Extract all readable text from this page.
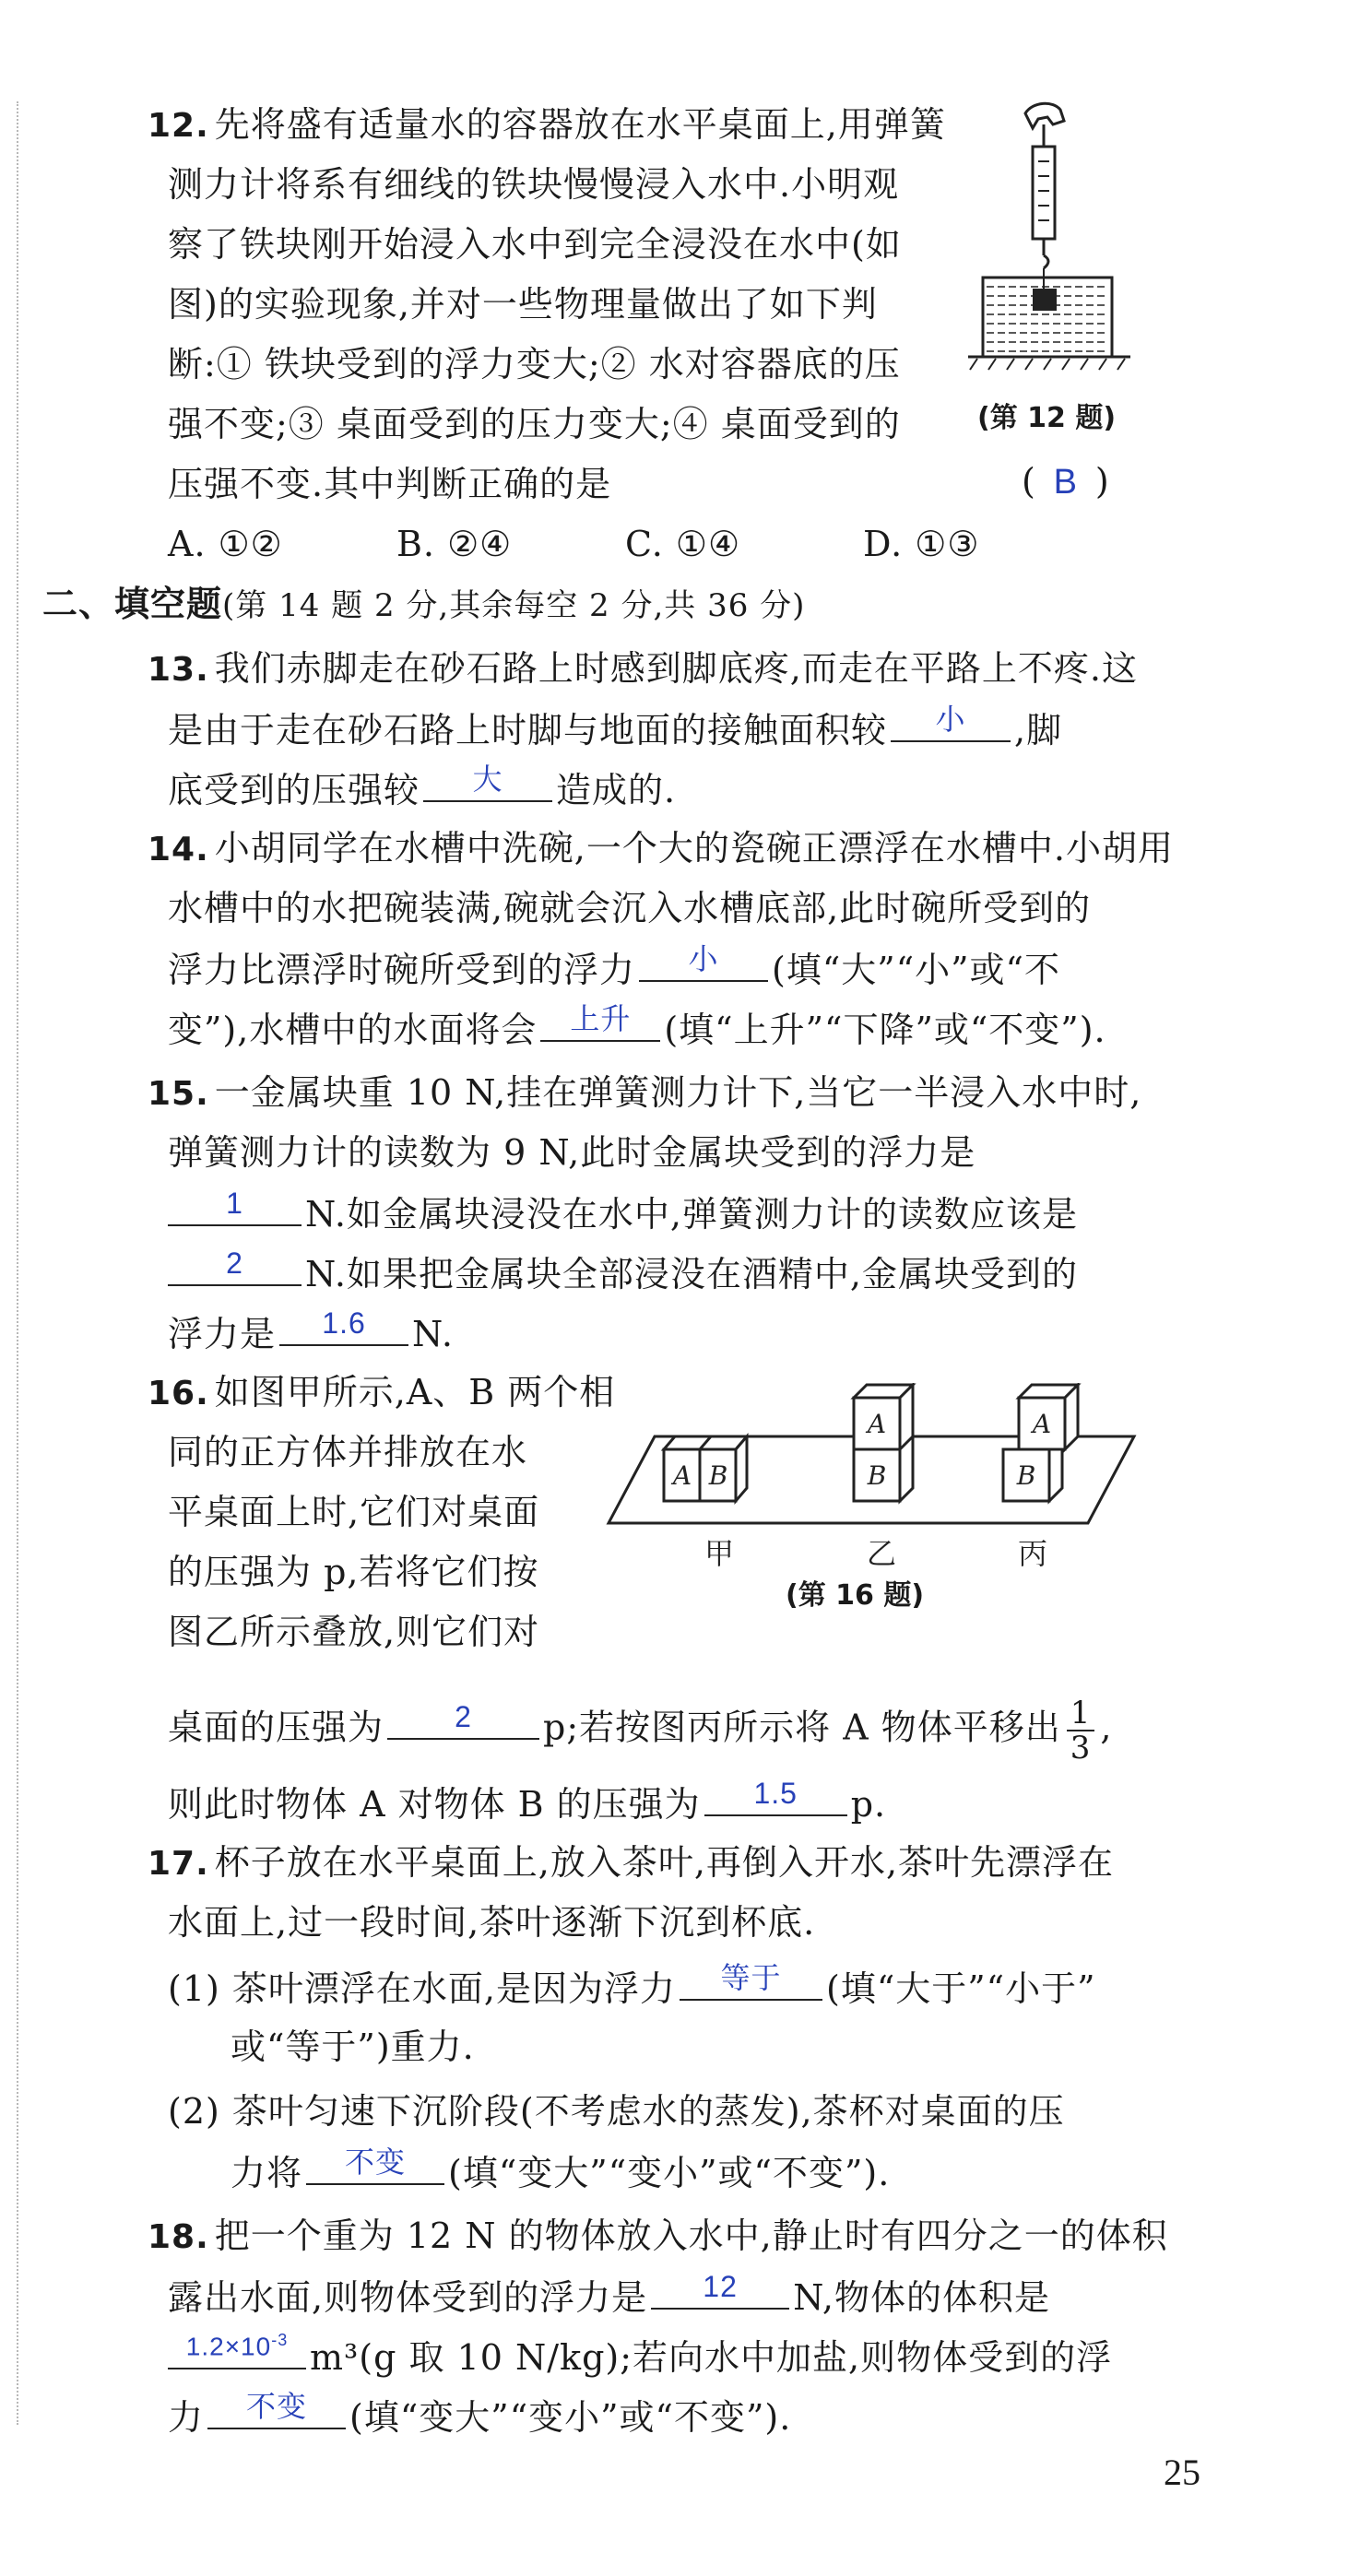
12. 先将盛有适量水的容器放在水平桌面上,用弹簧
测力计将系有细线的铁块慢慢浸入水中.小明观
察了铁块刚开始浸入水中到完全浸没在水中(如
图)的实验现象,并对一些物理量做出了如下判
断:① 铁块受到的浮力变大;② 水对容器底的压
强不变;③ 桌面受到的压力变大;④ 桌面受到的
压强不变.其中判断正确的是	( B )
A. ①②	B. ②④	C. ①④	D. ①③
(第 12 题)
二、填空题(第 14 题 2 分,其余每空 2 分,共 36 分)
13. 我们赤脚走在砂石路上时感到脚底疼,而走在平路上不疼.这
是由于走在砂石路上时脚与地面的接触面积较	小	,脚
底受到的压强较	大	造成的.
14. 小胡同学在水槽中洗碗,一个大的瓷碗正漂浮在水槽中.小胡用
水槽中的水把碗装满,碗就会沉入水槽底部,此时碗所受到的
浮力比漂浮时碗所受到的浮力	小	(填“大”“小”或“不
变”),水槽中的水面将会	上升 (填“上升”“下降”或“不变”).
15. 一金属块重 10 N,挂在弹簧测力计下,当它一半浸入水中时,
弹簧测力计的读数为 9 N,此时金属块受到的浮力是
1	N.如金属块浸没在水中,弹簧测力计的读数应该是
2	N.如果把金属块全部浸没在酒精中,金属块受到的
浮力是	1.6	N.
16. 如图甲所示,A、B 两个相
同的正方体并排放在水
平桌面上时,它们对桌面
的压强为 p,若将它们按
图乙所示叠放,则它们对
A B
A
B	B
A
甲	乙	丙
(第 16 题)
桌面的压强为	2	p;若按图丙所示将 A 物体平移出 $\frac{1}{3}$ ,
则此时物体 A 对物体 B 的压强为	1.5	p.
17. 杯子放在水平桌面上,放入茶叶,再倒入开水,茶叶先漂浮在
水面上,过一段时间,茶叶逐渐下沉到杯底.
(1) 茶叶漂浮在水面,是因为浮力	等于	(填“大于”“小于”
或“等于”)重力.
(2) 茶叶匀速下沉阶段(不考虑水的蒸发),茶杯对桌面的压
力将	不变	(填“变大”“变小”或“不变”).
18. 把一个重为 12 N 的物体放入水中,静止时有四分之一的体积
露出水面,则物体受到的浮力是	12	N,物体的体积是
$1.2\times 10^{-3}$ m³(g 取 10 N/kg);若向水中加盐,则物体受到的浮
力	不变	(填“变大”“变小”或“不变”).
25
